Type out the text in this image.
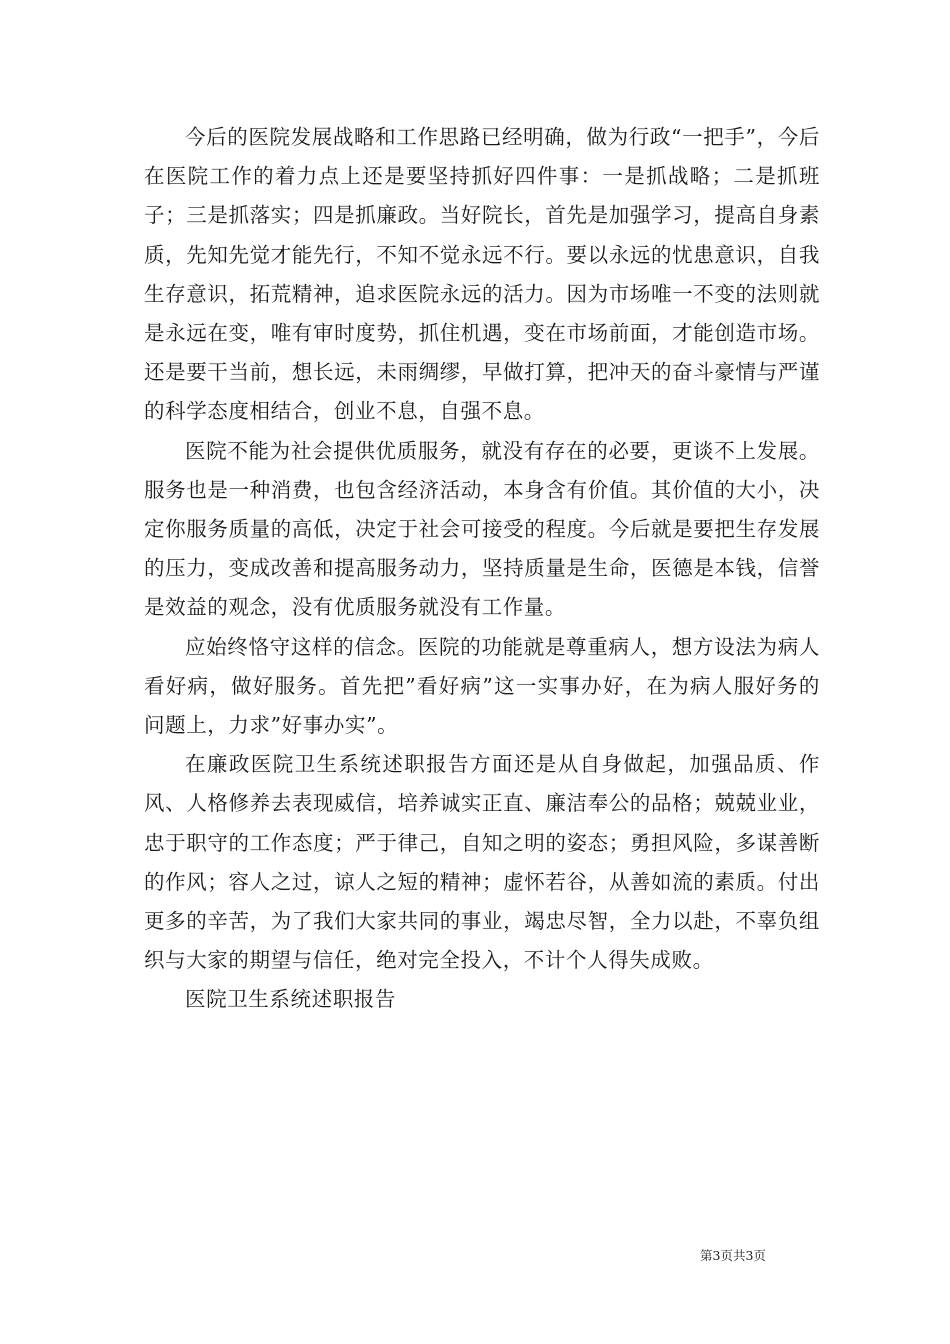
今后的医院发展战略和工作思路已经明确，做为行政“一把手”，今后在医院工作的着力点上还是要坚持抓好四件事：一是抓战略；二是抓班子；三是抓落实；四是抓廉政。当好院长，首先是加强学习，提高自身素质，先知先觉才能先行，不知不觉永远不行。要以永远的忧患意识，自我生存意识，拓荒精神，追求医院永远的活力。因为市场唯一不变的法则就是永远在变，唯有审时度势，抓住机遇，变在市场前面，才能创造市场。还是要干当前，想长远，未雨绸缪，早做打算，把冲天的奋斗豪情与严谨的科学态度相结合，创业不息，自强不息。

医院不能为社会提供优质服务，就没有存在的必要，更谈不上发展。服务也是一种消费，也包含经济活动，本身含有价值。其价值的大小，决定你服务质量的高低，决定于社会可接受的程度。今后就是要把生存发展的压力，变成改善和提高服务动力，坚持质量是生命，医德是本钱，信誉是效益的观念，没有优质服务就没有工作量。

应始终恪守这样的信念。医院的功能就是尊重病人，想方设法为病人看好病，做好服务。首先把”看好病”这一实事办好，在为病人服好务的问题上，力求”好事办实”。

在廉政医院卫生系统述职报告方面还是从自身做起，加强品质、作风、人格修养去表现威信，培养诚实正直、廉洁奉公的品格；兢兢业业，忠于职守的工作态度；严于律己，自知之明的姿态；勇担风险，多谋善断的作风；容人之过，谅人之短的精神；虚怀若谷，从善如流的素质。付出更多的辛苦，为了我们大家共同的事业，竭忠尽智，全力以赴，不辜负组织与大家的期望与信任，绝对完全投入，不计个人得失成败。

医院卫生系统述职报告

第3页共3页
